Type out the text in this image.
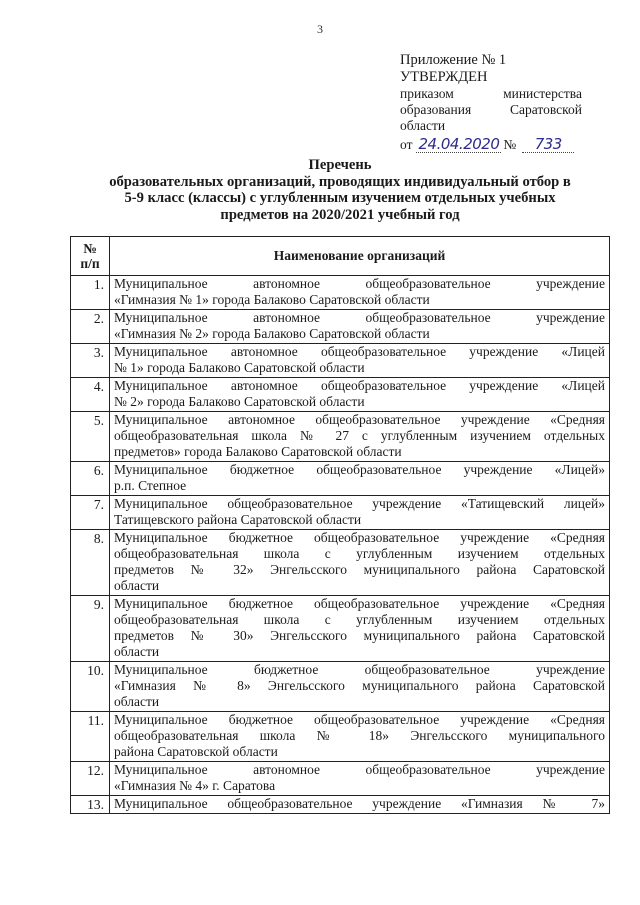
3
Приложение № 1
УТВЕРЖДЕН
приказом министерства
образования Саратовской
области
от 24.04.2020 №	733
Перечень
образовательных организаций, проводящих индивидуальный отбор в
5-9 класс (классы) с углубленным изучением отдельных учебных
предметов на 2020/2021 учебный год
№
п/п	Наименование организаций
1.	Муниципальное автономное общеобразовательное учреждение
«Гимназия № 1» города Балаково Саратовской области

2.	Муниципальное автономное общеобразовательное учреждение
«Гимназия № 2» города Балаково Саратовской области

3.	Муниципальное автономное общеобразовательное учреждение «Лицей
№ 1» города Балаково Саратовской области

4.	Муниципальное автономное общеобразовательное учреждение «Лицей
№ 2» города Балаково Саратовской области

5.	Муниципальное автономное общеобразовательное учреждение «Средняя
общеобразовательная школа № 27 с углубленным изучением отдельных
предметов» города Балаково Саратовской области

6.	Муниципальное бюджетное общеобразовательное учреждение «Лицей»
р.п. Степное

7.	Муниципальное общеобразовательное учреждение «Татищевский лицей»
Татищевского района Саратовской области

8.	Муниципальное бюджетное общеобразовательное учреждение «Средняя
общеобразовательная школа с углубленным изучением отдельных
предметов № 32» Энгельсского муниципального района Саратовской
области

9.	Муниципальное бюджетное общеобразовательное учреждение «Средняя
общеобразовательная школа с углубленным изучением отдельных
предметов № 30» Энгельсского муниципального района Саратовской
области

10.	Муниципальное бюджетное общеобразовательное учреждение
«Гимназия № 8» Энгельсского муниципального района Саратовской
области

11.	Муниципальное бюджетное общеобразовательное учреждение «Средняя
общеобразовательная школа № 18» Энгельсского муниципального
района Саратовской области

12.	Муниципальное автономное общеобразовательное учреждение
«Гимназия № 4» г. Саратова

13.	Муниципальное общеобразовательное учреждение «Гимназия № 7»
